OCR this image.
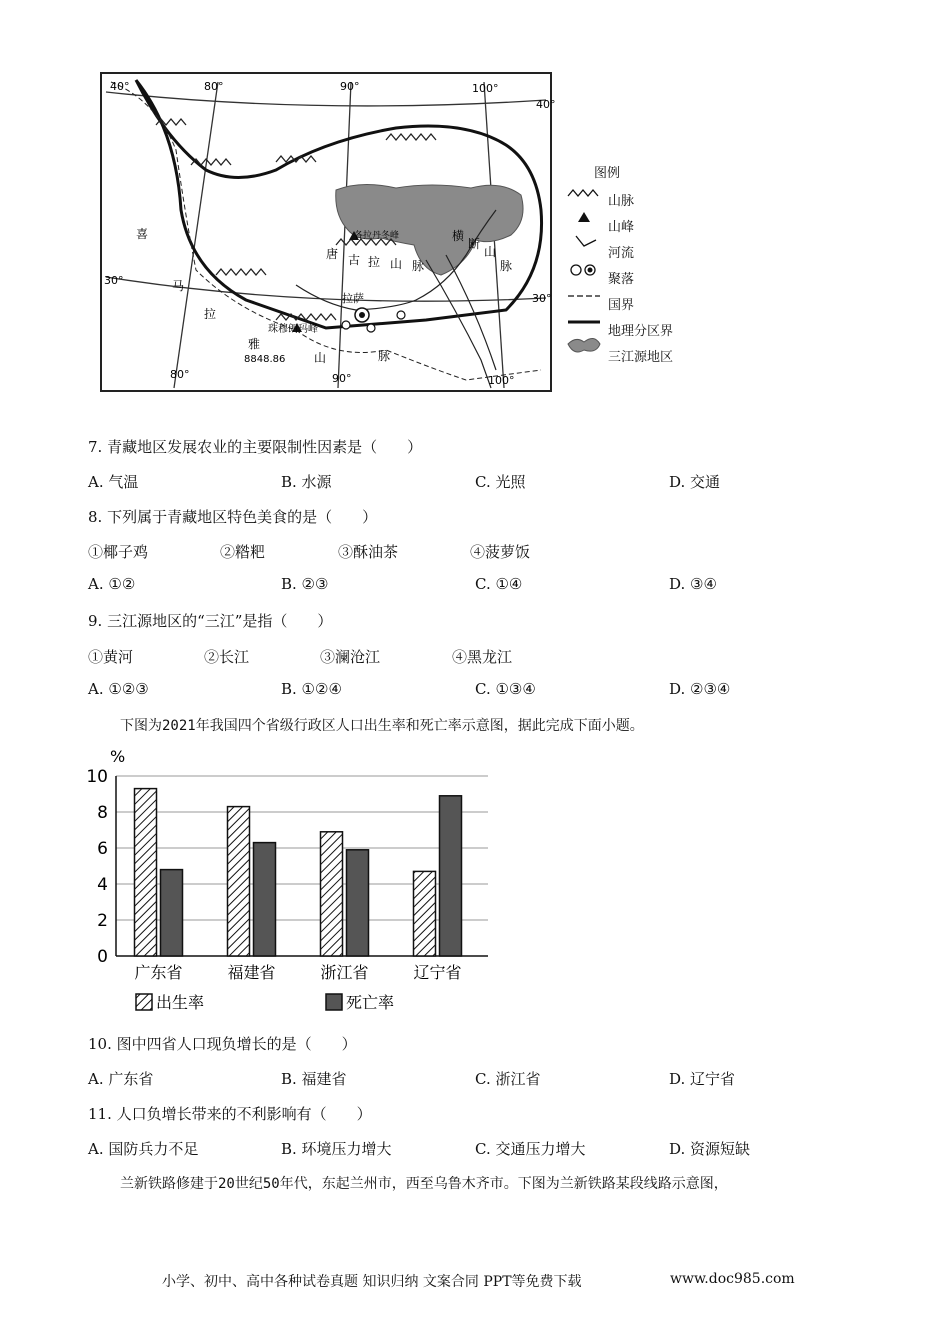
40°
40°
30°
30°
80°	90°	100°
80°	90°	100°
喜
马
拉
雅
珠穆朗玛峰
8848.86 山	脉
拉萨
唐 古 拉 山 脉
各拉丹冬峰	横
断
山
脉
图例
山脉
山峰
河流
聚落
国界
地理分区界
三江源地区
7. 青藏地区发展农业的主要限制性因素是（　　）
A. 气温	B. 水源	C. 光照	D. 交通
8. 下列属于青藏地区特色美食的是（　　）
①椰子鸡	②糌粑	③酥油茶	④菠萝饭
A. ①②	B. ②③	C. ①④	D. ③④
9. 三江源地区的“三江”是指（　　）
①黄河	②长江	③澜沧江	④黑龙江
A. ①②③	B. ①②④	C. ①③④	D. ②③④
下图为2021年我国四个省级行政区人口出生率和死亡率示意图，据此完成下面小题。
%
0
2
4
6
8
10
广东省	福建省	浙江省	辽宁省
出生率	死亡率
10. 图中四省人口现负增长的是（　　）
A. 广东省	B. 福建省	C. 浙江省	D. 辽宁省
11. 人口负增长带来的不利影响有（　　）
A. 国防兵力不足	B. 环境压力增大	C. 交通压力增大	D. 资源短缺
兰新铁路修建于20世纪50年代，东起兰州市，西至乌鲁木齐市。下图为兰新铁路某段线路示意图，
小学、初中、高中各种试卷真题 知识归纳 文案合同 PPT等免费下载	www.doc985.com
